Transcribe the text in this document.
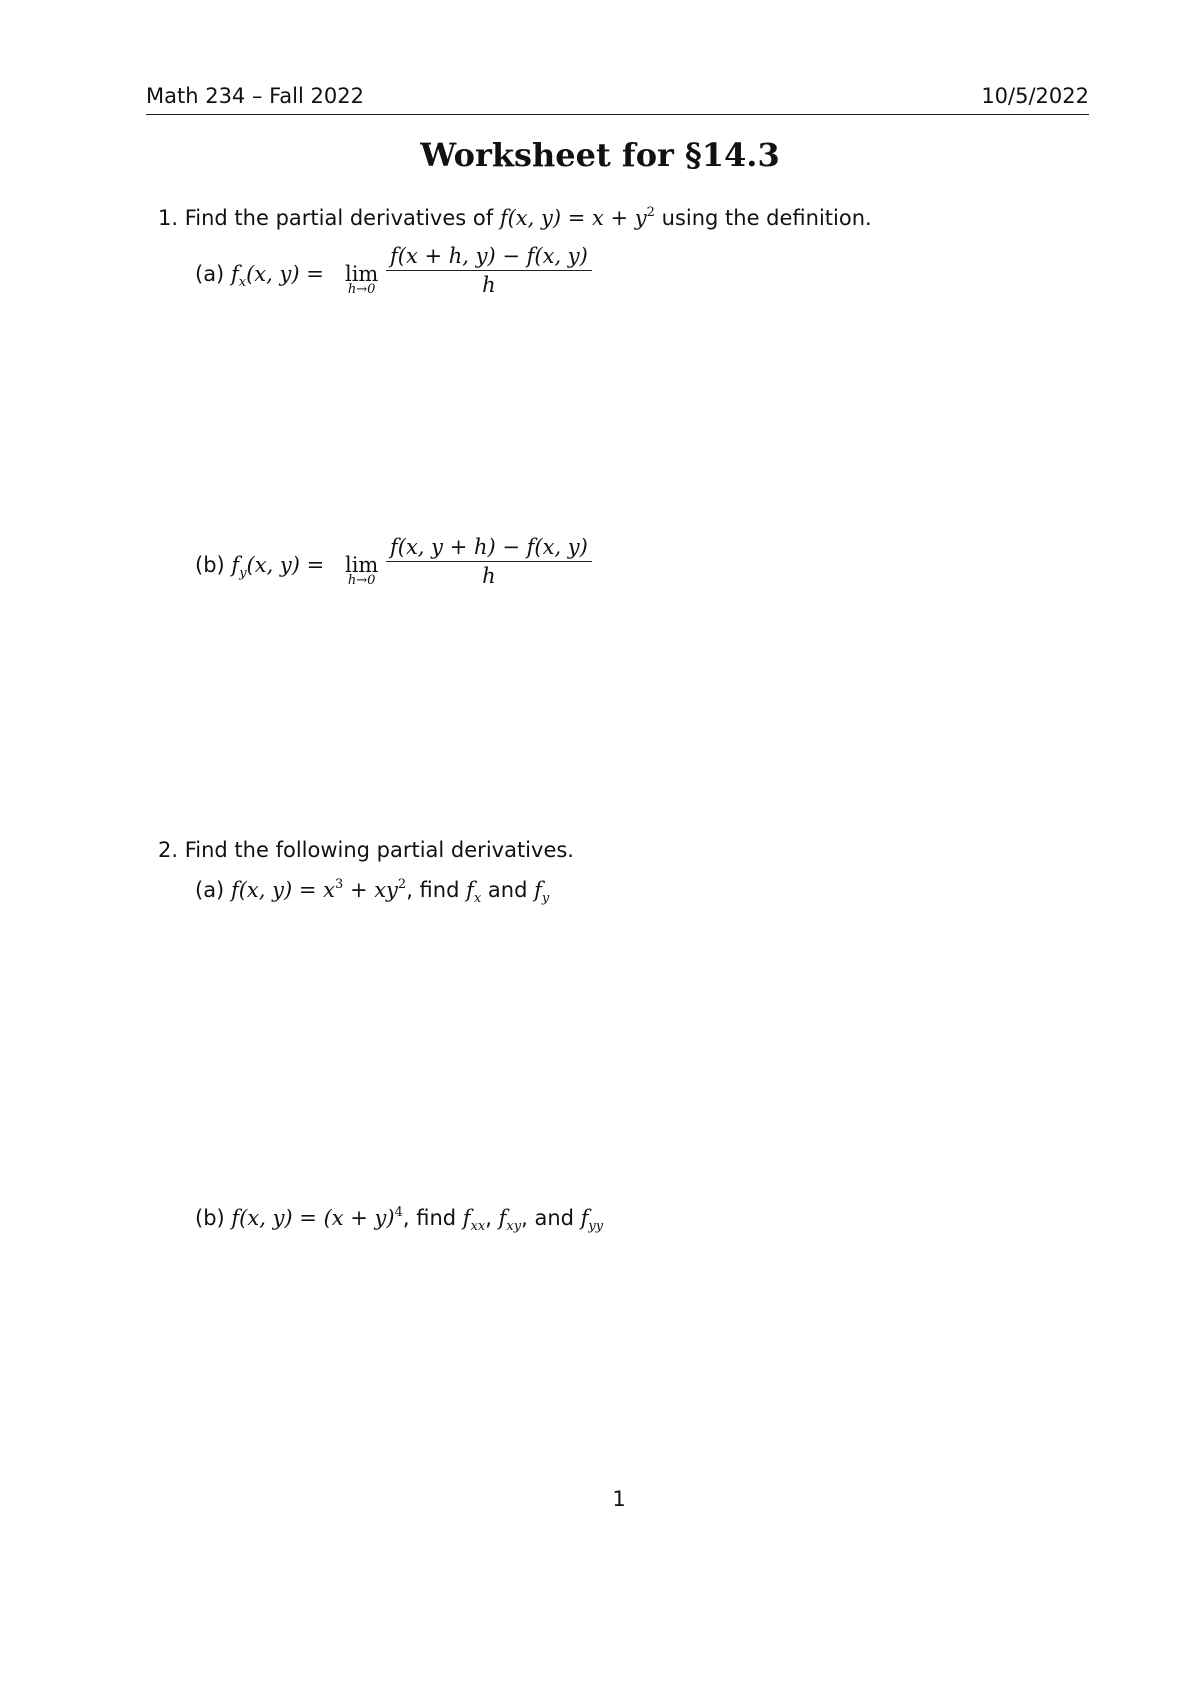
Math 234 – Fall 2022	10/5/2022
Worksheet for §14.3
1. Find the partial derivatives of f(x, $y) = x + y^2$ using the definition.
(a) $f_x(x$, y) = lim
$h\to 0 \frac{f(x + h, y) - f(x, y)}{h}$
(b) $f_y(x$, y) = lim
$h\to 0 \frac{f(x, y + h) - f(x, y)}{h}$
2. Find the following partial derivatives.
(a) f(x, $y) = x^3 + xy^2$, find $f_x$ and $f_y$
(b) f(x, $y) = (x + y)^4$, find $f_{xx}$, $f_{xy}$, and $f_{yy}$
1
